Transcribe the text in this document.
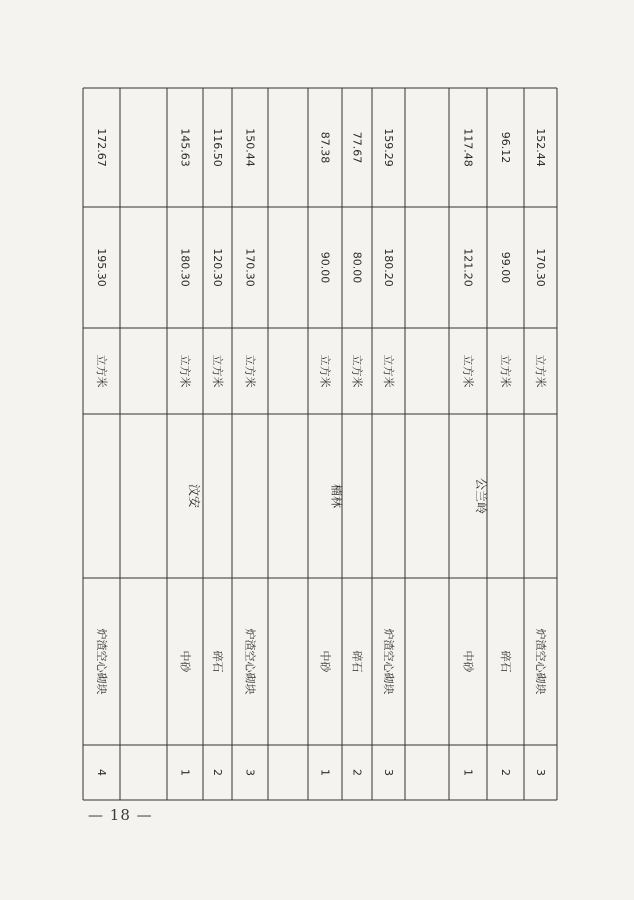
172.67
195.30
立方米
炉渣空心砌块
4
145.63
180.30
立方米
中砂
1
116.50
120.30
立方米
碎石
2
150.44
170.30
立方米
炉渣空心砌块
3
87.38
90.00
立方米
中砂
1
77.67
80.00
立方米
碎石
2
159.29
180.20
立方米
炉渣空心砌块
3
117.48
121.20
立方米
中砂
1
96.12
99.00
立方米
碎石
2
152.44
170.30
立方米
炉渣空心砌块
3
汶安	楠林	公兰岭
— 18 —
